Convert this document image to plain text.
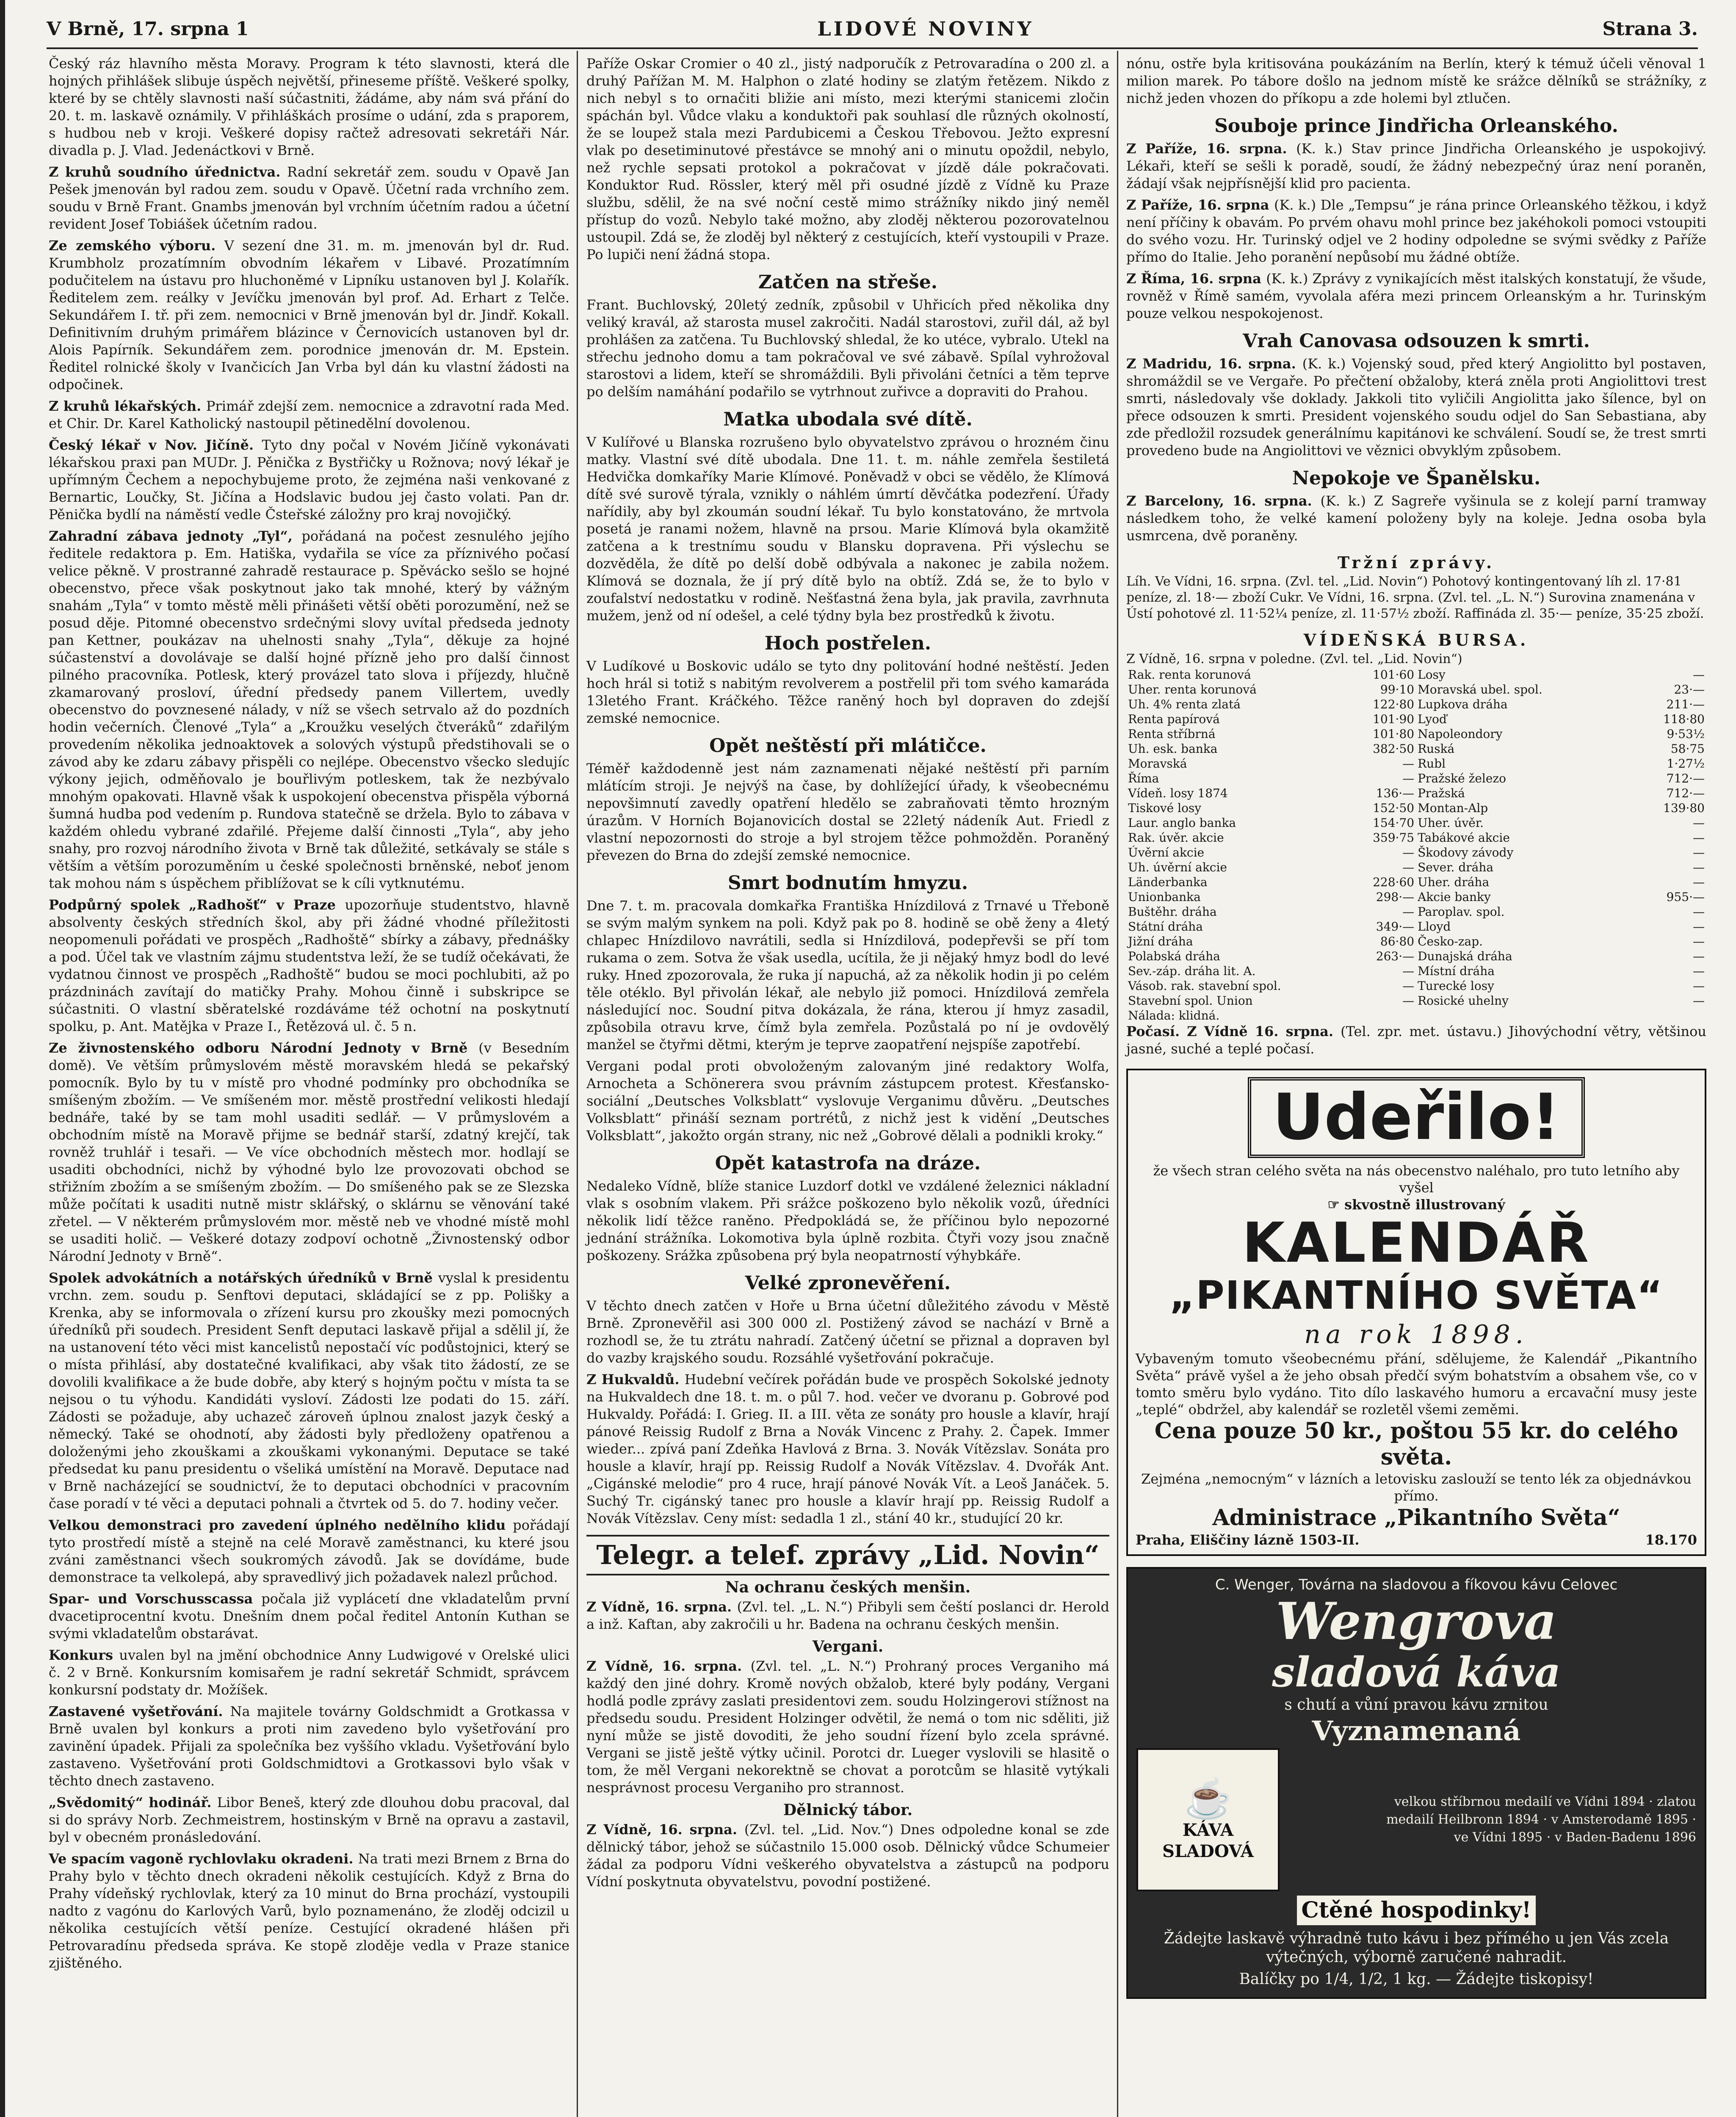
V Brně, 17. srpna 1	LIDOVÉ NOVINY	Strana 3.

Český ráz hlavního města Moravy. Program k této slavnosti, která dle hojných přihlášek slibuje úspěch největší, přineseme příště. Veškeré spolky, které by se chtěly slavnosti naší súčastniti, žádáme, aby nám svá přání do 20. t. m. laskavě oznámily. V přihláškách prosíme o udání, zda s praporem, s hudbou neb v kroji. Veškeré dopisy račtež adresovati sekretáři Nár. divadla p. J. Vlad. Jedenáctkovi v Brně.

Z kruhů soudního úřednictva. Radní sekretář zem. soudu v Opavě Jan Pešek jmenován byl radou zem. soudu v Opavě. Účetní rada vrchního zem. soudu v Brně Frant. Gnambs jmenován byl vrchním účetním radou a účetní revident Josef Tobiášek účetním radou.

Ze zemského výboru. V sezení dne 31. m. m. jmenován byl dr. Rud. Krumbholz prozatímním obvodním lékařem v Libavé. Prozatímním podučitelem na ústavu pro hluchoněmé v Lipníku ustanoven byl J. Kolařík. Ředitelem zem. reálky v Jevíčku jmenován byl prof. Ad. Erhart z Telče. Sekundářem I. tř. při zem. nemocnici v Brně jmenován byl dr. Jindř. Kokall. Definitivním druhým primářem blázince v Černovicích ustanoven byl dr. Alois Papírník. Sekundářem zem. porodnice jmenován dr. M. Epstein. Ředitel rolnické školy v Ivančicích Jan Vrba byl dán ku vlastní žádosti na odpočinek.

Z kruhů lékařských. Primář zdejší zem. nemocnice a zdravotní rada Med. et Chir. Dr. Karel Katholický nastoupil pětinedělní dovolenou.

Český lékař v Nov. Jičíně. Tyto dny počal v Novém Jičíně vykonávati lékařskou praxi pan MUDr. J. Pěnička z Bystřičky u Rožnova; nový lékař je upřímným Čechem a nepochybujeme proto, že zejména naši venkované z Bernartic, Loučky, St. Jičína a Hodslavic budou jej často volati. Pan dr. Pěnička bydlí na náměstí vedle Čsteřské záložny pro kraj novojičký.

Zahradní zábava jednoty „Tyl“, pořádaná na počest zesnulého jejího ředitele redaktora p. Em. Hatiška, vydařila se více za příznivého počasí velice pěkně. V prostranné zahradě restaurace p. Spěvácko sešlo se hojné obecenstvo, přece však poskytnout jako tak mnohé, který by vážným snahám „Tyla“ v tomto městě měli přinášeti větší oběti porozumění, než se posud děje. Pitomné obecenstvo srdečnými slovy uvítal předseda jednoty pan Kettner, poukázav na uhelnosti snahy „Tyla“, děkuje za hojné súčastenství a dovolávaje se další hojné přízně jeho pro další činnost pilného pracovníka. Potlesk, který provázel tato slova i příjezdy, hlučně zkamarovaný prosloví, úřední předsedy panem Villertem, uvedly obecenstvo do povznesené nálady, v níž se všech setrvalo až do pozdních hodin večerních. Členové „Tyla“ a „Kroužku veselých čtveráků“ zdařilým provedením několika jednoaktovek a solových výstupů předstihovali se o závod aby ke zdaru zábavy přispěli co nejlépe. Obecenstvo všecko sledujíc výkony jejich, odměňovalo je bouřlivým potleskem, tak že nezbývalo mnohým opakovati. Hlavně však k uspokojení obecenstva přispěla výborná šumná hudba pod vedením p. Rundova statečně se držela. Bylo to zábava v každém ohledu vybrané zdařilé. Přejeme další činnosti „Tyla“, aby jeho snahy, pro rozvoj národního života v Brně tak důležité, setkávaly se stále s větším a větším porozuměním u české společnosti brněnské, neboť jenom tak mohou nám s úspěchem přiblížovat se k cíli vytknutému.

Podpůrný spolek „Radhošť“ v Praze upozorňuje studentstvo, hlavně absolventy českých středních škol, aby při žádné vhodné příležitosti neopomenuli pořádati ve prospěch „Radhoště“ sbírky a zábavy, přednášky a pod. Účel tak ve vlastním zájmu studentstva leží, že se tudíž očekávati, že vydatnou činnost ve prospěch „Radhoště“ budou se moci pochlubiti, až po prázdninách zavítají do matičky Prahy. Mohou činně i subskripce se súčastniti. O vlastní sběratelské rozdáváme též ochotní na poskytnutí spolku, p. Ant. Matějka v Praze I., Řetězová ul. č. 5 n.

Ze živnostenského odboru Národní Jednoty v Brně (v Besedním domě). Ve větším průmyslovém městě moravském hledá se pekařský pomocník. Bylo by tu v místě pro vhodné podmínky pro obchodníka se smíšeným zbožím. — Ve smíšeném mor. městě prostřední velikosti hledají bednáře, také by se tam mohl usaditi sedlář. — V průmyslovém a obchodním místě na Moravě přijme se bednář starší, zdatný krejčí, tak rovněž truhlář i tesaři. — Ve více obchodních městech mor. hodlají se usaditi obchodníci, nichž by výhodné bylo lze provozovati obchod se střižním zbožím a se smíšeným zbožím. — Do smíšeného pak se ze Slezska může počítati k usaditi nutně mistr sklářský, o sklárnu se věnování také zřetel. — V některém průmyslovém mor. městě neb ve vhodné místě mohl se usaditi holič. — Veškeré dotazy zodpoví ochotně „Živnostenský odbor Národní Jednoty v Brně“.

Spolek advokátních a notářských úředníků v Brně vyslal k presidentu vrchn. zem. soudu p. Senftovi deputaci, skládající se z pp. Polišky a Krenka, aby se informovala o zřízení kursu pro zkoušky mezi pomocných úředníků při soudech. President Senft deputaci laskavě přijal a sdělil jí, že na ustanovení této věci mist kancelistů nepostačí víc podůstojnici, který se o místa přihlásí, aby dostatečné kvalifikaci, aby však tito žádostí, ze se dovolili kvalifikace a že bude dobře, aby který s hojným počtu v místa ta se nejsou o tu výhodu. Kandidáti vysloví. Zádosti lze podati do 15. září. Zádosti se požaduje, aby uchazeč zároveň úplnou znalost jazyk český a německý. Také se ohodnotí, aby žádosti byly předloženy opatřenou a doloženými jeho zkouškami a zkouškami vykonanými. Deputace se také předsedat ku panu presidentu o všeliká umístění na Moravě. Deputace nad v Brně nacházející se soudnictví, že to deputaci obchodníci v pracovním čase poradí v té věci a deputaci pohnali a čtvrtek od 5. do 7. hodiny večer.

Velkou demonstraci pro zavedení úplného nedělního klidu pořádají tyto prostředí místě a stejně na celé Moravě zaměstnanci, ku které jsou zváni zaměstnanci všech soukromých závodů. Jak se dovídáme, bude demonstrace ta velkolepá, aby spravedlivý jich požadavek nalezl průchod.

Spar- und Vorschusscassa počala již vyplácetí dne vkladatelům první dvacetiprocentní kvotu. Dnešním dnem počal ředitel Antonín Kuthan se svými vkladatelům obstarávat.

Konkurs uvalen byl na jmění obchodnice Anny Ludwigové v Orelské ulici č. 2 v Brně. Konkursním komisařem je radní sekretář Schmidt, správcem konkursní podstaty dr. Možíšek.

Zastavené vyšetřování. Na majitele továrny Goldschmidt a Grotkassa v Brně uvalen byl konkurs a proti nim zavedeno bylo vyšetřování pro zavinění úpadek. Přijali za společníka bez vyššího vkladu. Vyšetřování bylo zastaveno. Vyšetřování proti Goldschmidtovi a Grotkassovi bylo však v těchto dnech zastaveno.

„Svědomitý“ hodinář. Libor Beneš, který zde dlouhou dobu pracoval, dal si do správy Norb. Zechmeistrem, hostinským v Brně na opravu a zastavil, byl v obecném pronásledování.

Ve spacím vagoně rychlovlaku okradeni. Na trati mezi Brnem z Brna do Prahy bylo v těchto dnech okradeni několik cestujících. Když z Brna do Prahy vídeňský rychlovlak, který za 10 minut do Brna prochází, vystoupili nadto z vagónu do Karlových Varů, bylo poznamenáno, že zloděj odcizil u několika cestujících větší peníze. Cestující okradené hlášen při Petrovaradínu předseda správa. Ke stopě zloděje vedla v Praze stanice zjištěného.

Paříže Oskar Cromier o 40 zl., jistý nadporučík z Petrovaradína o 200 zl. a druhý Pařížan M. M. Halphon o zlaté hodiny se zlatým řetězem. Nikdo z nich nebyl s to ornačiti bližie ani místo, mezi kterými stanicemi zločin spáchán byl. Vůdce vlaku a konduktoři pak souhlasí dle různých okolností, že se loupež stala mezi Pardubicemi a Českou Třebovou. Ježto expresní vlak po desetiminutové přestávce se mnohý ani o minutu opoždil, nebylo, než rychle sepsati protokol a pokračovat v jízdě dále pokračovati. Konduktor Rud. Rössler, který měl při osudné jízdě z Vídně ku Praze službu, sdělil, že na své noční cestě mimo strážníky nikdo jiný neměl přístup do vozů. Nebylo také možno, aby zloděj některou pozorovatelnou ustoupil. Zdá se, že zloděj byl některý z cestujících, kteří vystoupili v Praze. Po lupiči není žádná stopa.

Zatčen na střeše.

Frant. Buchlovský, 20letý zedník, způsobil v Uhřicích před několika dny veliký kravál, až starosta musel zakročiti. Nadál starostovi, zuřil dál, až byl prohlášen za zatčena. Tu Buchlovský shledal, že ko utéce, vybralo. Utekl na střechu jednoho domu a tam pokračoval ve své zábavě. Spílal vyhrožoval starostovi a lidem, kteří se shromáždili. Byli přivoláni četníci a těm teprve po delším namáhání podařilo se vytrhnout zuřivce a dopraviti do Prahou.

Matka ubodala své dítě.

V Kulířové u Blanska rozrušeno bylo obyvatelstvo zprávou o hrozném činu matky. Vlastní své dítě ubodala. Dne 11. t. m. náhle zemřela šestiletá Hedvička domkaříky Marie Klímové. Poněvadž v obci se vědělo, že Klímová dítě své surově týrala, vznikly o náhlém úmrtí děvčátka podezření. Úřady nařídily, aby byl zkoumán soudní lékař. Tu bylo konstatováno, že mrtvola posetá je ranami nožem, hlavně na prsou. Marie Klímová byla okamžitě zatčena a k trestnímu soudu v Blansku dopravena. Při výslechu se dozvěděla, že dítě po delší době odbývala a nakonec je zabila nožem. Klímová se doznala, že jí prý dítě bylo na obtíž. Zdá se, že to bylo v zoufalství nedostatku v rodině. Nešťastná žena byla, jak pravila, zavrhnuta mužem, jenž od ní odešel, a celé týdny byla bez prostředků k životu.

Hoch postřelen.

V Ludíkové u Boskovic událo se tyto dny politování hodné neštěstí. Jeden hoch hrál si totiž s nabitým revolverem a postřelil při tom svého kamaráda 13letého Frant. Kráčkého. Těžce raněný hoch byl dopraven do zdejší zemské nemocnice.

Opět neštěstí při mlátičce.

Téměř každodenně jest nám zaznamenati nějaké neštěstí při parním mlátícím stroji. Je nejvýš na čase, by dohlížející úřady, k všeobecnému nepovšimnutí zavedly opatření hledělo se zabraňovati těmto hrozným úrazům. V Horních Bojanovicích dostal se 22letý nádeník Aut. Friedl z vlastní nepozornosti do stroje a byl strojem těžce pohmožděn. Poraněný převezen do Brna do zdejší zemské nemocnice.

Smrt bodnutím hmyzu.

Dne 7. t. m. pracovala domkařka Františka Hnízdilová z Trnavé u Třeboně se svým malým synkem na poli. Když pak po 8. hodině se obě ženy a 4letý chlapec Hnízdilovo navrátili, sedla si Hnízdilová, podepřevši se pří tom rukama o zem. Sotva že však usedla, ucítila, že ji nějaký hmyz bodl do levé ruky. Hned zpozorovala, že ruka jí napuchá, až za několik hodin ji po celém těle otéklo. Byl přivolán lékař, ale nebylo již pomoci. Hnízdilová zemřela následující noc. Soudní pitva dokázala, že rána, kterou jí hmyz zasadil, způsobila otravu krve, čímž byla zemřela. Pozůstalá po ní je ovdovělý manžel se čtyřmi dětmi, kterým je teprve zaopatření nejspíše zapotřebí.

Vergani podal proti obvoloženým zalovaným jiné redaktory Wolfa, Arnocheta a Schönerera svou právním zástupcem protest. Křesťansko-sociální „Deutsches Volksblatt“ vyslovuje Verganimu důvěru. „Deutsches Volksblatt“ přináší seznam portrétů, z nichž jest k vidění „Deutsches Volksblatt“, jakožto orgán strany, nic než „Gobrové dělali a podnikli kroky.“

Opět katastrofa na dráze.

Nedaleko Vídně, blíže stanice Luzdorf dotkl ve vzdálené železnici nákladní vlak s osobním vlakem. Při srážce poškozeno bylo několik vozů, úředníci několik lidí těžce raněno. Předpokládá se, že příčinou bylo nepozorné jednání strážníka. Lokomotiva byla úplně rozbita. Čtyři vozy jsou značně poškozeny. Srážka způsobena prý byla neopatrností výhybkáře.

Velké zpronevěření.

V těchto dnech zatčen v Hoře u Brna účetní důležitého závodu v Městě Brně. Zpronevěřil asi 300 000 zl. Postižený závod se nachází v Brně a rozhodl se, že tu ztrátu nahradí. Zatčený účetní se přiznal a dopraven byl do vazby krajského soudu. Rozsáhlé vyšetřování pokračuje.

Z Hukvaldů. Hudební večírek pořádán bude ve prospěch Sokolské jednoty na Hukvaldech dne 18. t. m. o půl 7. hod. večer ve dvoranu p. Gobrové pod Hukvaldy. Pořádá: I. Grieg. II. a III. věta ze sonáty pro housle a klavír, hrají pánové Reissig Rudolf z Brna a Novák Vincenc z Prahy. 2. Čapek. Immer wieder... zpívá paní Zdeňka Havlová z Brna. 3. Novák Vítězslav. Sonáta pro housle a klavír, hrají pp. Reissig Rudolf a Novák Vítězslav. 4. Dvořák Ant. „Cigánské melodie“ pro 4 ruce, hrají pánové Novák Vít. a Leoš Janáček. 5. Suchý Tr. cigánský tanec pro housle a klavír hrají pp. Reissig Rudolf a Novák Vítězslav. Ceny míst: sedadla 1 zl., stání 40 kr., studující 20 kr.

Telegr. a telef. zprávy „Lid. Novin“
Na ochranu českých menšin.

Z Vídně, 16. srpna. (Zvl. tel. „L. N.“) Přibyli sem čeští poslanci dr. Herold a inž. Kaftan, aby zakročili u hr. Badena na ochranu českých menšin.

Vergani.

Z Vídně, 16. srpna. (Zvl. tel. „L. N.“) Prohraný proces Verganiho má každý den jiné dohry. Kromě nových obžalob, které byly podány, Vergani hodlá podle zprávy zaslati presidentovi zem. soudu Holzingerovi stížnost na předsedu soudu. President Holzinger odvětil, že nemá o tom nic sděliti, již nyní může se jistě dovoditi, že jeho soudní řízení bylo zcela správné. Vergani se jistě ještě výtky učinil. Porotci dr. Lueger vyslovili se hlasitě o tom, že měl Vergani nekorektně se chovat a porotcům se hlasitě vytýkali nesprávnost procesu Verganiho pro strannost.

Dělnický tábor.

Z Vídně, 16. srpna. (Zvl. tel. „Lid. Nov.“) Dnes odpoledne konal se zde dělnický tábor, jehož se súčastnilo 15.000 osob. Dělnický vůdce Schumeier žádal za podporu Vídni veškerého obyvatelstva a zástupců na podporu Vídní poskytnuta obyvatelstvu, povodní postižené.

nónu, ostře byla kritisována poukázáním na Berlín, který k témuž účeli věnoval 1 milion marek. Po tábore došlo na jednom místě ke srážce dělníků se strážníky, z nichž jeden vhozen do příkopu a zde holemi byl ztlučen.

Souboje prince Jindřicha Orleanského.

Z Paříže, 16. srpna. (K. k.) Stav prince Jindřicha Orleanského je uspokojivý. Lékaři, kteří se sešli k poradě, soudí, že žádný nebezpečný úraz není poraněn, žádají však nejpřísnější klid pro pacienta.

Z Paříže, 16. srpna (K. k.) Dle „Tempsu“ je rána prince Orleanského těžkou, i když není příčiny k obavám. Po prvém ohavu mohl prince bez jakéhokoli pomoci vstoupiti do svého vozu. Hr. Turinský odjel ve 2 hodiny odpoledne se svými svědky z Paříže přímo do Italie. Jeho poranění nepůsobí mu žádné obtíže.

Z Říma, 16. srpna (K. k.) Zprávy z vynikajících měst italských konstatují, že všude, rovněž v Římě samém, vyvolala aféra mezi princem Orleanským a hr. Turinským pouze velkou nespokojenost.

Vrah Canovasa odsouzen k smrti.

Z Madridu, 16. srpna. (K. k.) Vojenský soud, před který Angiolitto byl postaven, shromáždil se ve Vergaře. Po přečtení obžaloby, která zněla proti Angiolittovi trest smrti, následovaly vše doklady. Jakkoli tito vyličili Angiolitta jako šílence, byl on přece odsouzen k smrti. President vojenského soudu odjel do San Sebastiana, aby zde předložil rozsudek generálnímu kapitánovi ke schválení. Soudí se, že trest smrti provedeno bude na Angiolittovi ve věznici obvyklým způsobem.

Nepokoje ve Španělsku.

Z Barcelony, 16. srpna. (K. k.) Z Sagreře vyšinula se z kolejí parní tramway následkem toho, že velké kamení položeny byly na koleje. Jedna osoba byla usmrcena, dvě poraněny.

Tržní zprávy.
Líh. Ve Vídni, 16. srpna. (Zvl. tel. „Lid. Novin“) Pohotový kontingentovaný líh zl. 17·81 peníze, zl. 18·— zboží Cukr. Ve Vídni, 16. srpna. (Zvl. tel. „L. N.“) Surovina znamenána v Ústí pohotové zl. 11·52¼ peníze, zl. 11·57½ zboží. Raffináda zl. 35·— peníze, 35·25 zboží.
VÍDEŇSKÁ BURSA.
Z Vídně, 16. srpna v poledne. (Zvl. tel. „Lid. Novin“)
Rak. renta korunová	101·60	Losy	—
Uher. renta korunová	99·10	Moravská ubel. spol.	23·—
Uh. 4% renta zlatá	122·80	Lupkova dráha	211·—
Renta papírová	101·90	Lyoď	118·80
Renta stříbrná	101·80	Napoleondory	9·53½
Uh. esk. banka	382·50	Ruská	58·75
Moravská	—	Rubl	1·27½
Říma	—	Pražské železo	712·—
Vídeň. losy 1874	136·—	Pražská	712·—
Tiskové losy	152·50	Montan-Alp	139·80
Laur. anglo banka	154·70	Uher. úvěr.	—
Rak. úvěr. akcie	359·75	Tabákové akcie	—
Úvěrní akcie	—	Škodovy závody	—
Uh. úvěrní akcie	—	Sever. dráha	—
Länderbanka	228·60	Uher. dráha	—
Unionbanka	298·—	Akcie banky	955·—
Buštěhr. dráha	—	Paroplav. spol.	—
Státní dráha	349·—	Lloyd	—
Jižní dráha	86·80	Česko-zap.	—
Polabská dráha	263·—	Dunajská dráha	—
Sev.-záp. dráha lit. A.	—	Místní dráha	—
Vásob. rak. stavební spol.	—	Turecké losy	—
Stavební spol. Union	—	Rosické uhelny	—
Nálada: klidná.			

Počasí. Z Vídně 16. srpna. (Tel. zpr. met. ústavu.) Jihovýchodní větry, většinou jasné, suché a teplé počasí.

Udeřilo!
že všech stran celého světa na nás obecenstvo naléhalo, pro tuto letního aby vyšel
☞ skvostně illustrovaný
KALENDÁŘ
„PIKANTNÍHO SVĚTA“
na rok 1898.
Vybaveným tomuto všeobecnému přání, sdělujeme, že Kalendář „Pikantního Světa“ právě vyšel a že jeho obsah předčí svým bohatstvím a obsahem vše, co v tomto směru bylo vydáno. Tito dílo laskavého humoru a ercavační musy jeste „teplé“ obdržel, aby kalendář se rozletěl všemi zeměmi.
Cena pouze 50 kr., poštou 55 kr. do celého světa.
Zejména „nemocným“ v lázních a letovisku zaslouží se tento lék za objednávkou přímo.
Administrace „Pikantního Světa“
Praha, Eliščiny lázně 1503-II.	18.170
C. Wenger, Továrna na sladovou a fíkovou kávu Celovec
Wengrova
sladová káva
s chutí a vůní pravou kávu zrnitou
Vyznamenaná
☕
KÁVA SLADOVÁ
velkou stříbrnou medailí ve Vídni 1894 · zlatou medailí Heilbronn 1894 · v Amsterodamě 1895 · ve Vídni 1895 · v Baden-Badenu 1896
Ctěné hospodinky!
Žádejte laskavě výhradně tuto kávu i bez přímého u jen Vás zcela výtečných, výborně zaručené nahradit.
Balíčky po 1/4, 1/2, 1 kg. — Žádejte tiskopisy!
